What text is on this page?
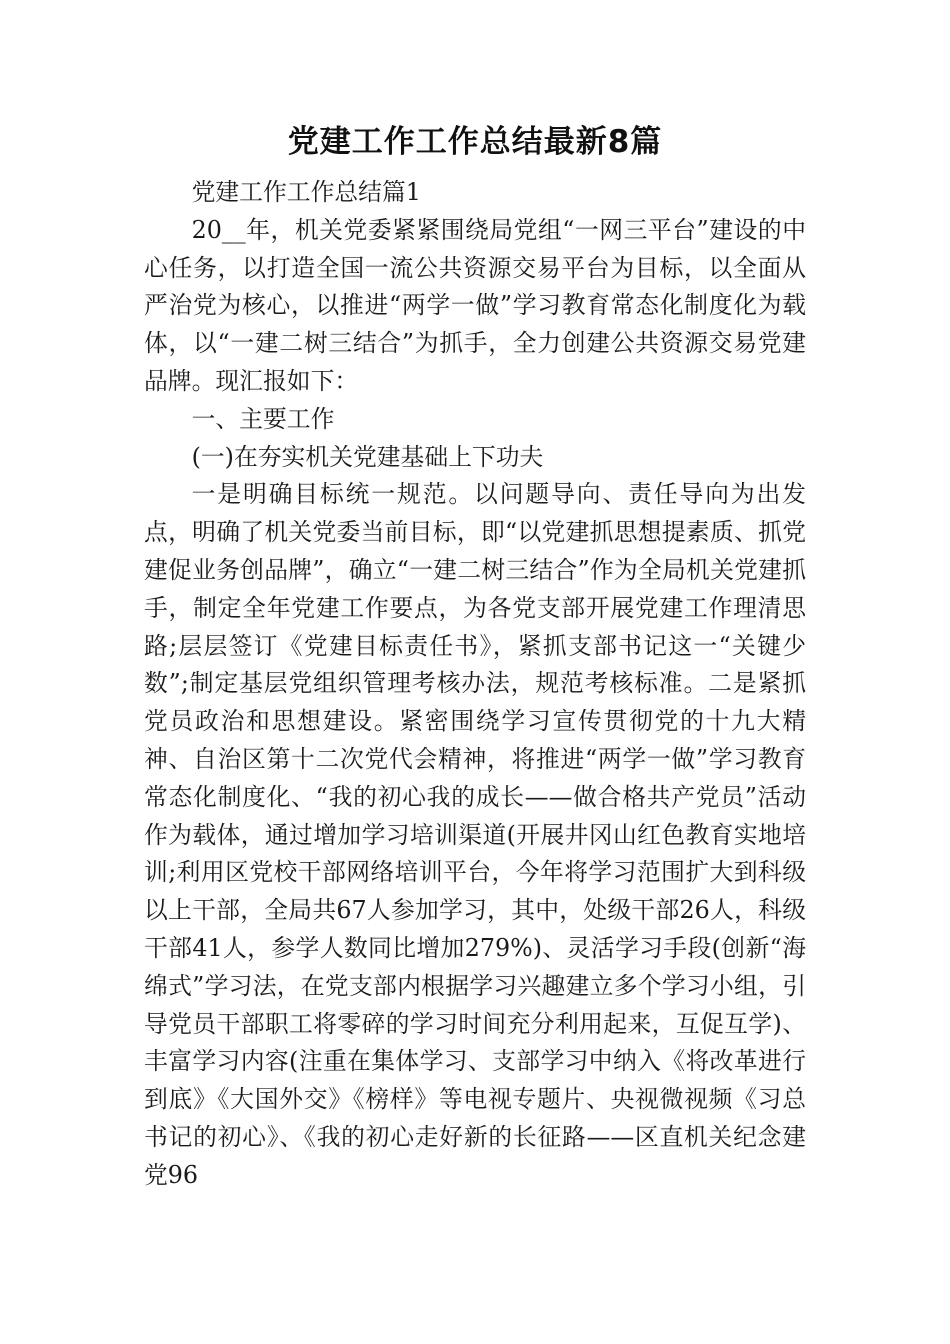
党建工作工作总结最新8篇

党建工作工作总结篇1

20__年，机关党委紧紧围绕局党组“一网三平台”建设的中心任务，以打造全国一流公共资源交易平台为目标，以全面从严治党为核心，以推进“两学一做”学习教育常态化制度化为载体，以“一建二树三结合”为抓手，全力创建公共资源交易党建品牌。现汇报如下：

一、主要工作

(一)在夯实机关党建基础上下功夫

一是明确目标统一规范。以问题导向、责任导向为出发点，明确了机关党委当前目标，即“以党建抓思想提素质、抓党建促业务创品牌”，确立“一建二树三结合”作为全局机关党建抓手，制定全年党建工作要点，为各党支部开展党建工作理清思路;层层签订《党建目标责任书》，紧抓支部书记这一“关键少数”;制定基层党组织管理考核办法，规范考核标准。二是紧抓党员政治和思想建设。紧密围绕学习宣传贯彻党的十九大精神、自治区第十二次党代会精神，将推进“两学一做”学习教育常态化制度化、“我的初心我的成长——做合格共产党员”活动作为载体，通过增加学习培训渠道(开展井冈山红色教育实地培训;利用区党校干部网络培训平台，今年将学习范围扩大到科级以上干部，全局共67人参加学习，其中，处级干部26人，科级干部41人，参学人数同比增加279%)、灵活学习手段(创新“海绵式”学习法，在党支部内根据学习兴趣建立多个学习小组，引导党员干部职工将零碎的学习时间充分利用起来，互促互学)、丰富学习内容(注重在集体学习、支部学习中纳入《将改革进行到底》《大国外交》《榜样》等电视专题片、央视微视频《习总书记的初心》、《我的初心走好新的长征路——区直机关纪念建党96
